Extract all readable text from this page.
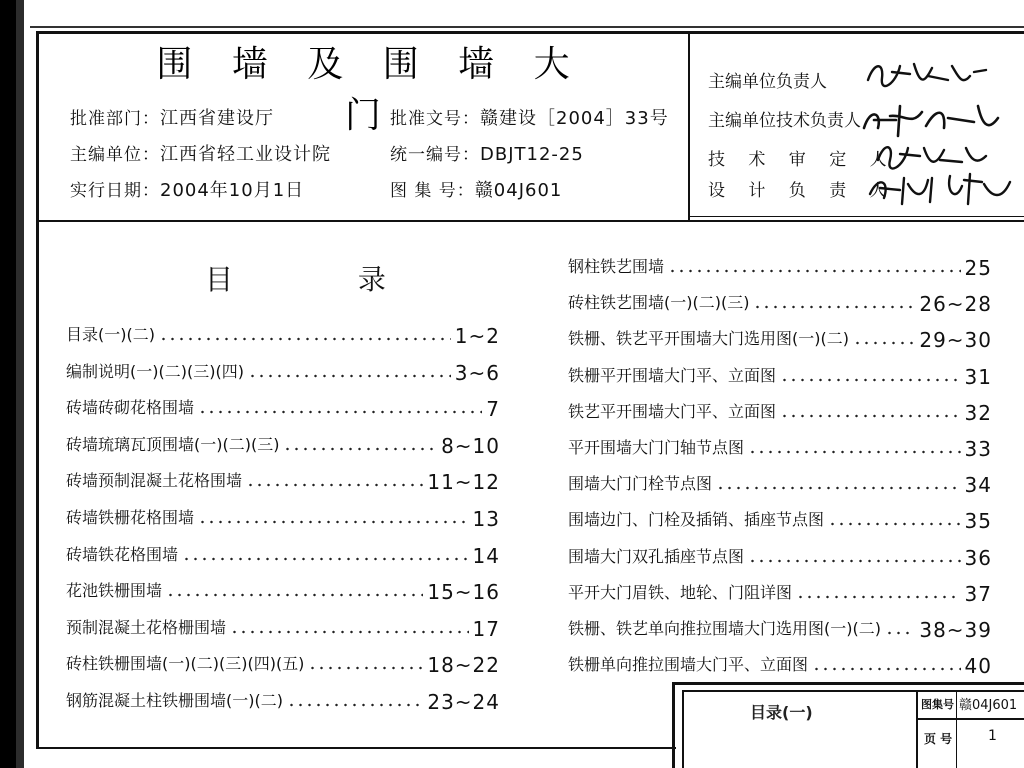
围 墙 及 围 墙 大 门
批准部门：江西省建设厅
主编单位：江西省轻工业设计院
实行日期：2004年10月1日
批准文号：赣建设［2004］33号
统一编号：DBJT12-25
图 集 号：赣04J601
主编单位负责人
主编单位技术负责人
技 术 审 定 人
设 计 负 责 人
目 录
目录(一)(二)	1~2
编制说明(一)(二)(三)(四)	3~6
砖墙砖砌花格围墙	7
砖墙琉璃瓦顶围墙(一)(二)(三)	8~10
砖墙预制混凝土花格围墙	11~12
砖墙铁栅花格围墙	13
砖墙铁花格围墙	14
花池铁栅围墙	15~16
预制混凝土花格栅围墙	17
砖柱铁栅围墙(一)(二)(三)(四)(五)	18~22
钢筋混凝土柱铁栅围墙(一)(二)	23~24
钢柱铁艺围墙	25
砖柱铁艺围墙(一)(二)(三)	26~28
铁栅、铁艺平开围墙大门选用图(一)(二)	29~30
铁栅平开围墙大门平、立面图	31
铁艺平开围墙大门平、立面图	32
平开围墙大门门轴节点图	33
围墙大门门栓节点图	34
围墙边门、门栓及插销、插座节点图	35
围墙大门双孔插座节点图	36
平开大门眉铁、地轮、门阻详图	37
铁栅、铁艺单向推拉围墙大门选用图(一)(二) 38~39
铁栅单向推拉围墙大门平、立面图	40
目录(一)	图集号 赣04J601
页 号	1
